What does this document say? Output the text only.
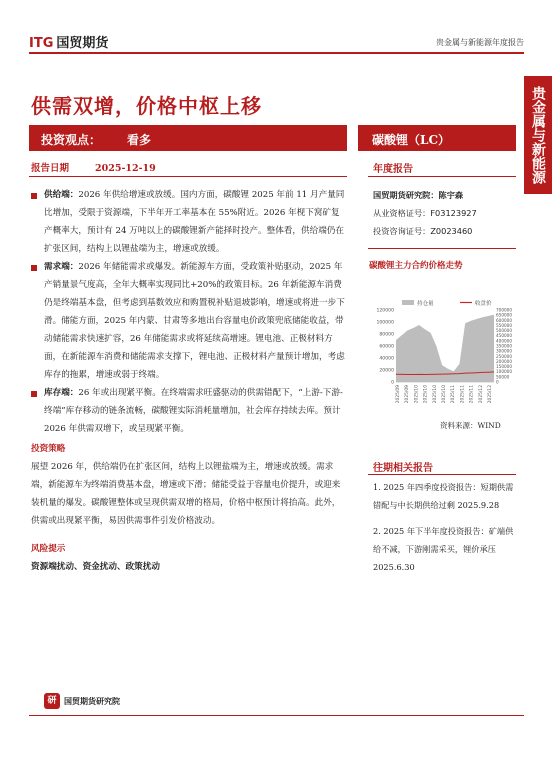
ITG 国贸期货	贵金属与新能源年度报告
贵金属与新能源
供需双增，价格中枢上移
投资观点： 看多	碳酸锂（LC）
报告日期	2025-12-19
供给端：2026 年供给增速或放缓。国内方面，碳酸锂 2025 年前 11 月产量同比增加，受限于资源端，下半年开工率基本在 55%附近。2026 年枧下窝矿复产概率大，预计有 24 万吨以上的碳酸锂新产能择时投产。整体看，供给端仍在扩张区间，结构上以锂盐端为主，增速或放缓。
需求端：2026 年储能需求或爆发。新能源车方面，受政策补贴驱动，2025 年产销量景气度高，全年大概率实现同比+20%的政策目标。26 年新能源车消费仍是终端基本盘，但考虑到基数效应和购置税补贴退坡影响，增速或将进一步下滑。储能方面，2025 年内蒙、甘肃等多地出台容量电价政策兜底储能收益，带动储能需求快速扩容，26 年储能需求或将延续高增速。锂电池、正极材料方面，在新能源车消费和储能需求支撑下，锂电池、正极材料产量预计增加，考虑库存的拖累，增速或弱于终端。
库存端：26 年或出现紧平衡。在终端需求旺盛驱动的供需错配下，“上游-下游-终端”库存移动的链条流畅，碳酸锂实际消耗量增加，社会库存持续去库。预计 2026 年供需双增下，或呈现紧平衡。
投资策略
展望 2026 年，供给端仍在扩张区间，结构上以锂盐端为主，增速或放缓。需求端，新能源车为终端消费基本盘，增速或下滑；储能受益于容量电价提升，或迎来装机量的爆发。碳酸锂整体或呈现供需双增的格局，价格中枢预计将抬高。此外，供需或出现紧平衡，易因供需事件引发价格波动。
风险提示
资源端扰动、资金扰动、政策扰动
年度报告
国贸期货研究院：陈宇森
从业资格证号：F03123927
投资咨询证号：Z0023460
碳酸锂主力合约价格走势
持仓量	收盘价
0
20000
40000
60000
80000
100000
120000
0
50000
100000
150000
200000
250000
300000
350000
400000
450000
500000
550000
600000
650000
700000
2025/09 2025/09 2025/10 2025/10 2025/10 2025/10 2025/11 2025/11 2025/11 2025/12 2025/12
资料来源：WIND
往期相关报告
1. 2025 年四季度投资报告：短期供需错配与中长期供给过剩 2025.9.28
2. 2025 年下半年度投资报告：矿端供给不减，下游刚需采买，锂价承压 2025.6.30
研 国贸期货研究院
